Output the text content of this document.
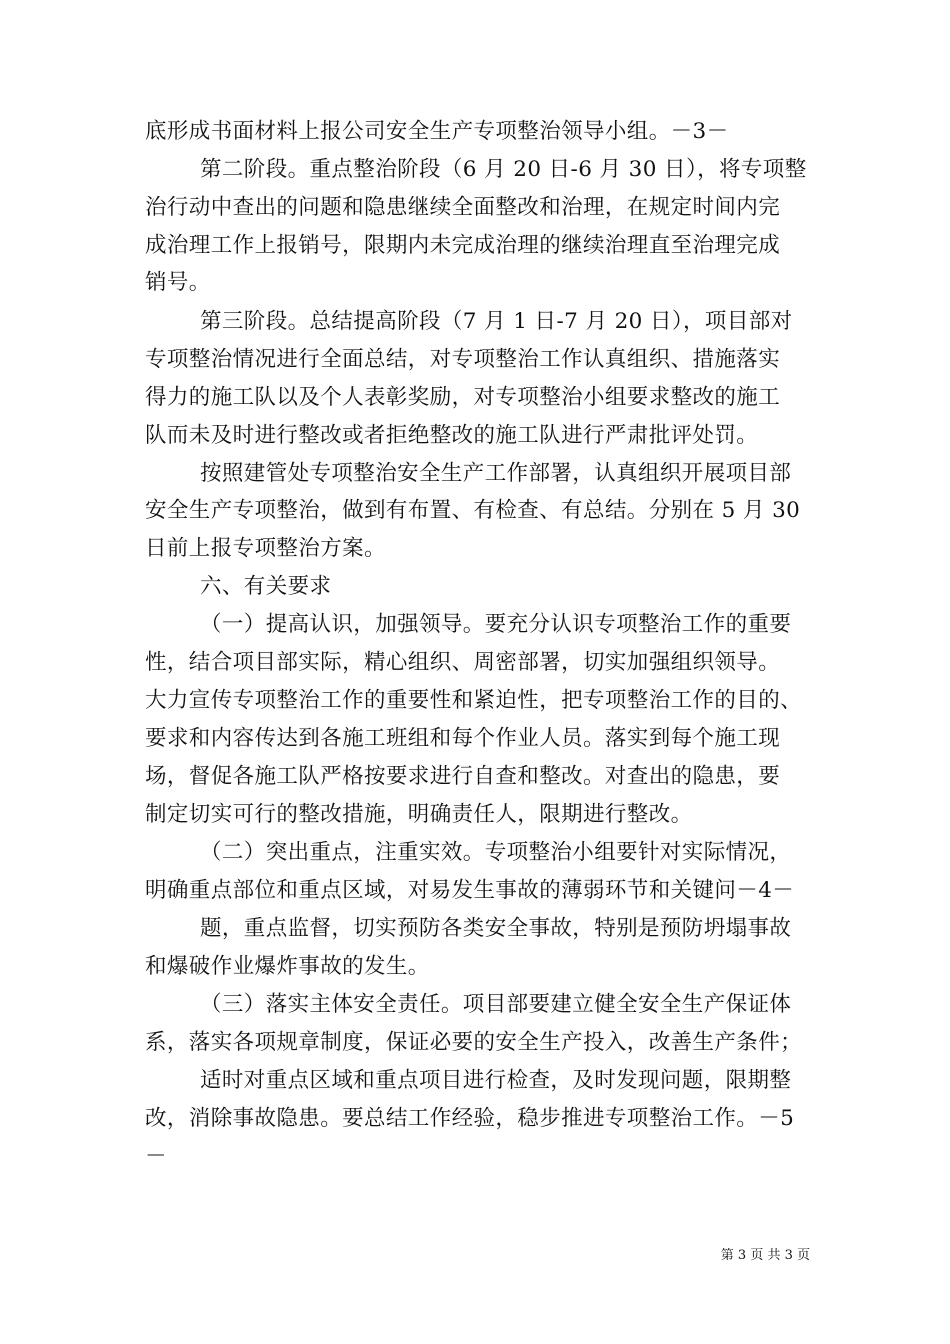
底形成书面材料上报公司安全生产专项整治领导小组。－3－
第二阶段。重点整治阶段（6 月 20 日-6 月 30 日），将专项整
治行动中查出的问题和隐患继续全面整改和治理，在规定时间内完
成治理工作上报销号，限期内未完成治理的继续治理直至治理完成
销号。
第三阶段。总结提高阶段（7 月 1 日-7 月 20 日），项目部对
专项整治情况进行全面总结，对专项整治工作认真组织、措施落实
得力的施工队以及个人表彰奖励，对专项整治小组要求整改的施工
队而未及时进行整改或者拒绝整改的施工队进行严肃批评处罚。
按照建管处专项整治安全生产工作部署，认真组织开展项目部
安全生产专项整治，做到有布置、有检查、有总结。分别在 5 月 30
日前上报专项整治方案。
六、有关要求
（一）提高认识，加强领导。要充分认识专项整治工作的重要
性，结合项目部实际，精心组织、周密部署，切实加强组织领导。
大力宣传专项整治工作的重要性和紧迫性，把专项整治工作的目的、
要求和内容传达到各施工班组和每个作业人员。落实到每个施工现
场，督促各施工队严格按要求进行自查和整改。对查出的隐患，要
制定切实可行的整改措施，明确责任人，限期进行整改。
（二）突出重点，注重实效。专项整治小组要针对实际情况，
明确重点部位和重点区域，对易发生事故的薄弱环节和关键问－4－
题，重点监督，切实预防各类安全事故，特别是预防坍塌事故
和爆破作业爆炸事故的发生。
（三）落实主体安全责任。项目部要建立健全安全生产保证体
系，落实各项规章制度，保证必要的安全生产投入，改善生产条件；
适时对重点区域和重点项目进行检查，及时发现问题，限期整
改，消除事故隐患。要总结工作经验，稳步推进专项整治工作。－5
－
第 3 页 共 3 页
